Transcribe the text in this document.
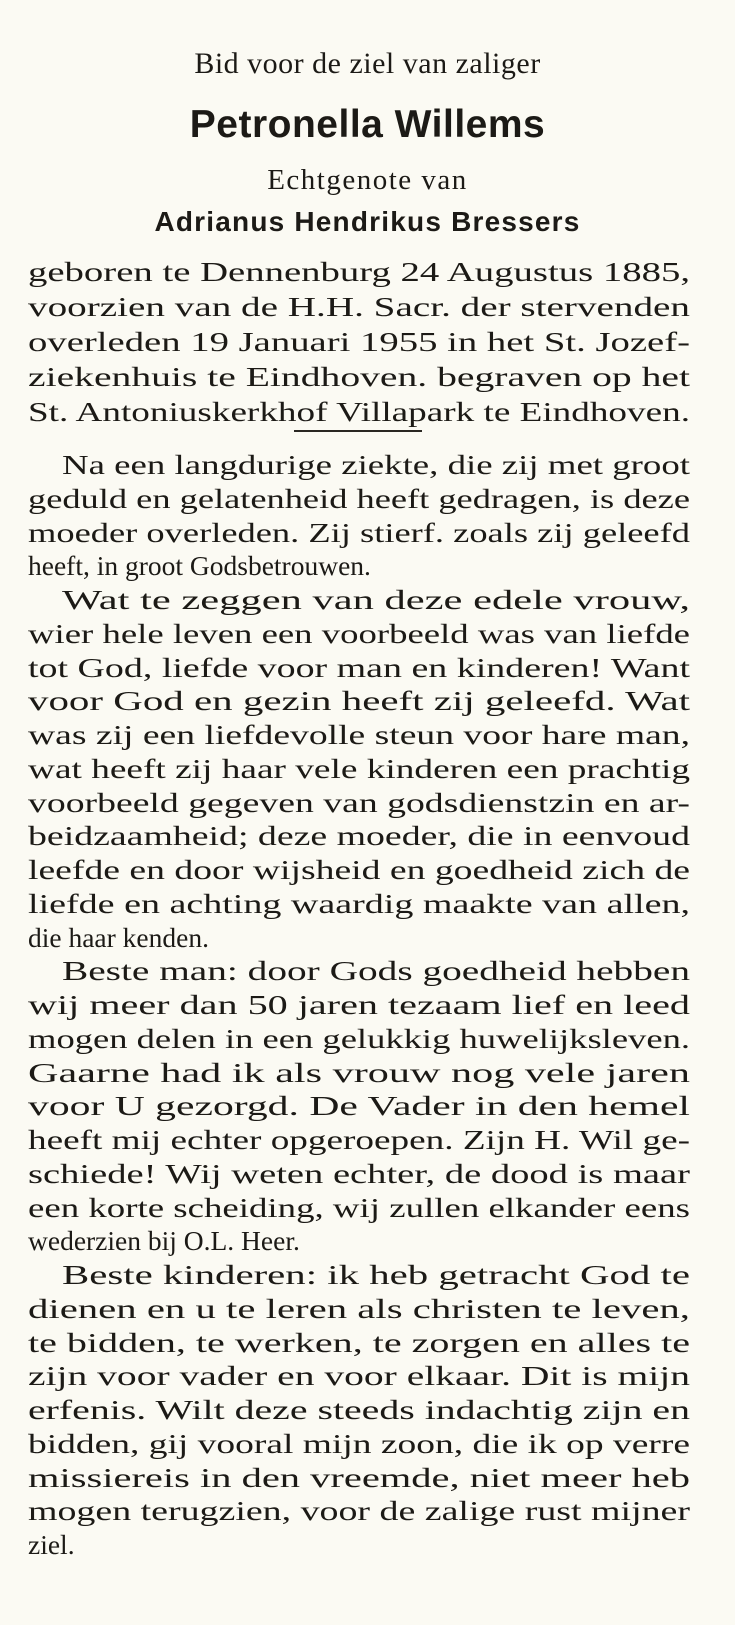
Bid voor de ziel van zaliger
Petronella Willems
Echtgenote van
Adrianus Hendrikus Bressers
geboren te Dennenburg 24 Augustus 1885,
voorzien van de H.H. Sacr. der stervenden
overleden 19 Januari 1955 in het St. Jozef-
ziekenhuis te Eindhoven. begraven op het
St. Antoniuskerkhof Villapark te Eindhoven.
Na een langdurige ziekte, die zij met groot
geduld en gelatenheid heeft gedragen, is deze
moeder overleden. Zij stierf. zoals zij geleefd
heeft, in groot Godsbetrouwen.
Wat te zeggen van deze edele vrouw,
wier hele leven een voorbeeld was van liefde
tot God, liefde voor man en kinderen! Want
voor God en gezin heeft zij geleefd. Wat
was zij een liefdevolle steun voor hare man,
wat heeft zij haar vele kinderen een prachtig
voorbeeld gegeven van godsdienstzin en ar-
beidzaamheid; deze moeder, die in eenvoud
leefde en door wijsheid en goedheid zich de
liefde en achting waardig maakte van allen,
die haar kenden.
Beste man: door Gods goedheid hebben
wij meer dan 50 jaren tezaam lief en leed
mogen delen in een gelukkig huwelijksleven.
Gaarne had ik als vrouw nog vele jaren
voor U gezorgd. De Vader in den hemel
heeft mij echter opgeroepen. Zijn H. Wil ge-
schiede! Wij weten echter, de dood is maar
een korte scheiding, wij zullen elkander eens
wederzien bij O.L. Heer.
Beste kinderen: ik heb getracht God te
dienen en u te leren als christen te leven,
te bidden, te werken, te zorgen en alles te
zijn voor vader en voor elkaar. Dit is mijn
erfenis. Wilt deze steeds indachtig zijn en
bidden, gij vooral mijn zoon, die ik op verre
missiereis in den vreemde, niet meer heb
mogen terugzien, voor de zalige rust mijner
ziel.
